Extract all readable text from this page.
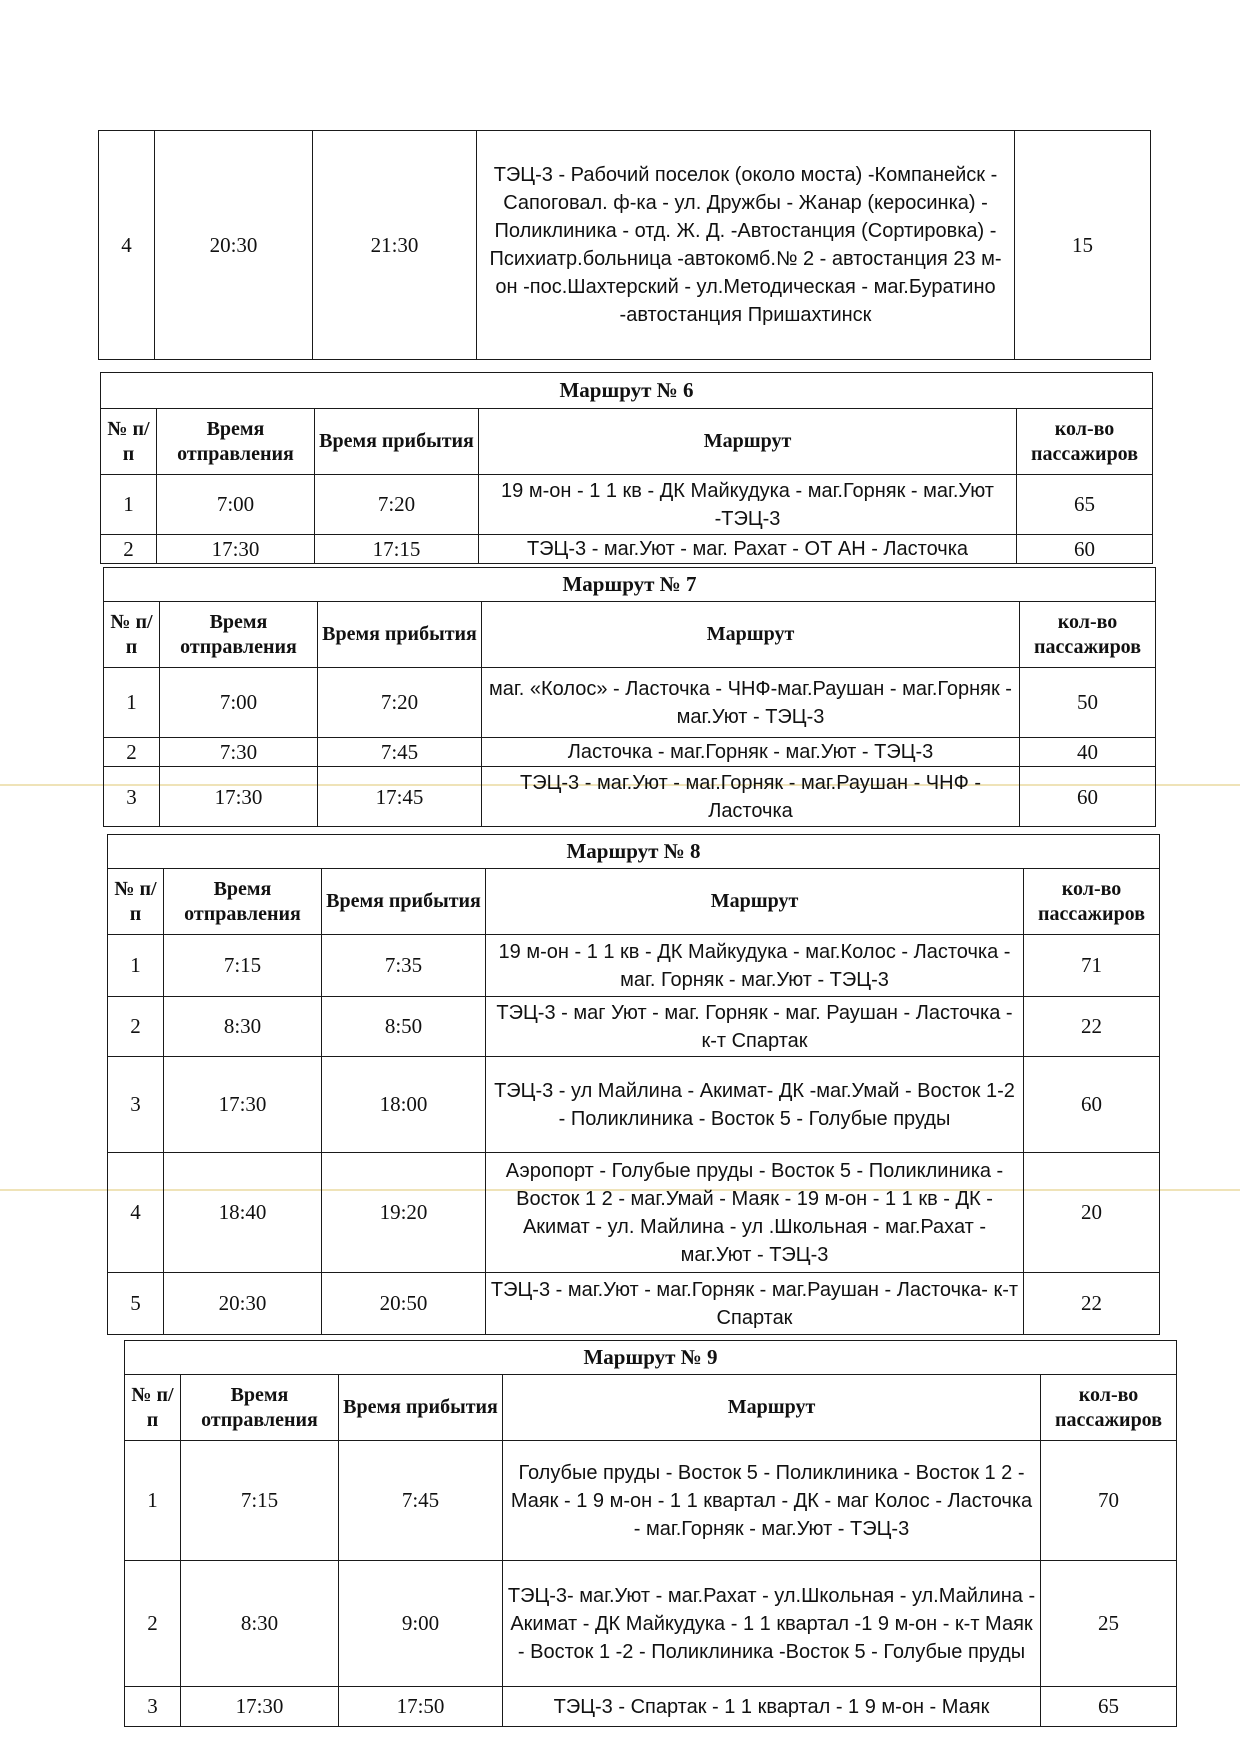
4	20:30	21:30	ТЭЦ-3 - Рабочий поселок (около моста) -Компанейск - Сапоговал. ф-ка - ул. Дружбы - Жанар (керосинка) - Поликлиника - отд. Ж. Д. -Автостанция (Сортировка) - Психиатр.больница -автокомб.№ 2 - автостанция 23 м-он -пос.Шахтерский - ул.Методическая - маг.Буратино -автостанция Пришахтинск	15
Маршрут № 6				
№ п/п	Время отправления	Время прибытия	Маршрут	кол-во пассажиров
1	7:00	7:20	19 м-он - 1 1 кв - ДК Майкудука - маг.Горняк - маг.Уют -ТЭЦ-3	65
2	17:30	17:15	ТЭЦ-3 - маг.Уют - маг. Рахат - ОТ АН - Ласточка	60
Маршрут № 7				
№ п/п	Время отправления	Время прибытия	Маршрут	кол-во пассажиров
1	7:00	7:20	маг. «Колос» - Ласточка - ЧНФ-маг.Раушан - маг.Горняк - маг.Уют - ТЭЦ-3	50
2	7:30	7:45	Ласточка - маг.Горняк - маг.Уют - ТЭЦ-3	40
3	17:30	17:45	ТЭЦ-3 - маг.Уют - маг.Горняк - маг.Раушан - ЧНФ - Ласточка	60
Маршрут № 8				
№ п/п	Время отправления	Время прибытия	Маршрут	кол-во пассажиров
1	7:15	7:35	19 м-он - 1 1 кв - ДК Майкудука - маг.Колос - Ласточка - маг. Горняк - маг.Уют - ТЭЦ-3	71
2	8:30	8:50	ТЭЦ-3 - маг Уют - маг. Горняк - маг. Раушан - Ласточка - к-т Спартак	22
3	17:30	18:00	ТЭЦ-3 - ул Майлина - Акимат- ДК -маг.Умай - Восток 1-2 - Поликлиника - Восток 5 - Голубые пруды	60
4	18:40	19:20	Аэропорт - Голубые пруды - Восток 5 - Поликлиника - Восток 1 2 - маг.Умай - Маяк - 19 м-он - 1 1 кв - ДК - Акимат - ул. Майлина - ул .Школьная - маг.Рахат - маг.Уют - ТЭЦ-3	20
5	20:30	20:50	ТЭЦ-3 - маг.Уют - маг.Горняк - маг.Раушан - Ласточка- к-т Спартак	22
Маршрут № 9				
№ п/п	Время отправления	Время прибытия	Маршрут	кол-во пассажиров
1	7:15	7:45	Голубые пруды - Восток 5 - Поликлиника - Восток 1 2 - Маяк - 1 9 м-он - 1 1 квартал - ДК - маг Колос - Ласточка - маг.Горняк - маг.Уют - ТЭЦ-3	70
2	8:30	9:00	ТЭЦ-3- маг.Уют - маг.Рахат - ул.Школьная - ул.Майлина - Акимат - ДК Майкудука - 1 1 квартал -1 9 м-он - к-т Маяк - Восток 1 -2 - Поликлиника -Восток 5 - Голубые пруды	25
3	17:30	17:50	ТЭЦ-3 - Спартак - 1 1 квартал - 1 9 м-он - Маяк	65
